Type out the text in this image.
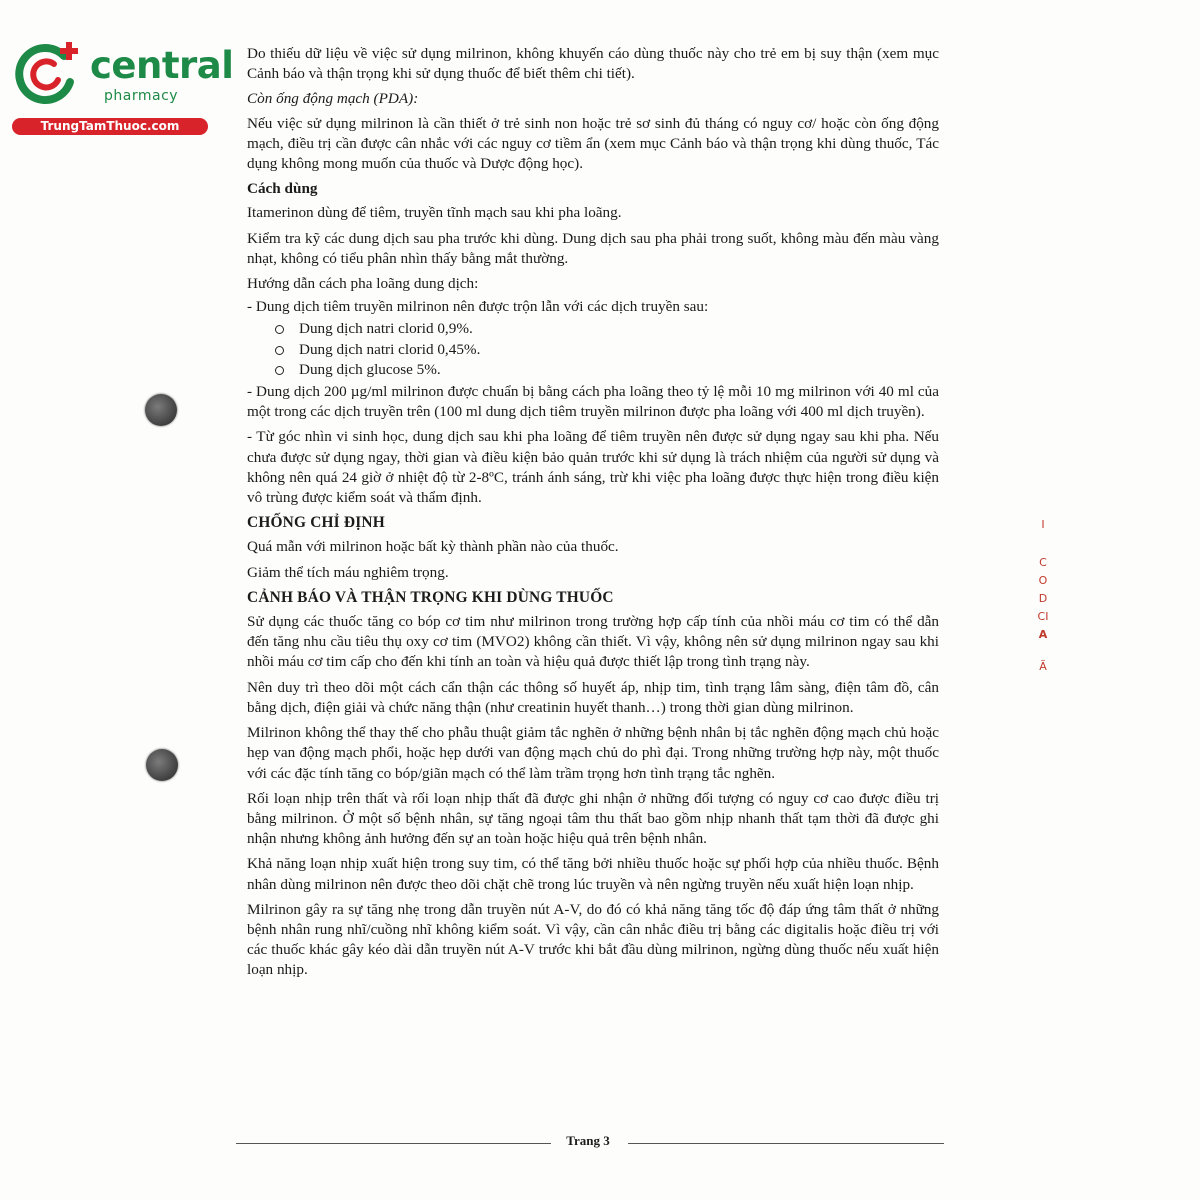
central
pharmacy
TrungTamThuoc.com
I
C
O
D
CI
A
Ã

Do thiếu dữ liệu về việc sử dụng milrinon, không khuyến cáo dùng thuốc này cho trẻ em bị suy thận (xem mục Cảnh báo và thận trọng khi sử dụng thuốc để biết thêm chi tiết).

Còn ống động mạch (PDA):

Nếu việc sử dụng milrinon là cần thiết ở trẻ sinh non hoặc trẻ sơ sinh đủ tháng có nguy cơ/ hoặc còn ống động mạch, điều trị cần được cân nhắc với các nguy cơ tiềm ẩn (xem mục Cảnh báo và thận trọng khi dùng thuốc, Tác dụng không mong muốn của thuốc và Dược động học).

Cách dùng

Itamerinon dùng để tiêm, truyền tĩnh mạch sau khi pha loãng.

Kiểm tra kỹ các dung dịch sau pha trước khi dùng. Dung dịch sau pha phải trong suốt, không màu đến màu vàng nhạt, không có tiểu phân nhìn thấy bằng mắt thường.

Hướng dẫn cách pha loãng dung dịch:

- Dung dịch tiêm truyền milrinon nên được trộn lẫn với các dịch truyền sau:

Dung dịch natri clorid 0,9%.
Dung dịch natri clorid 0,45%.
Dung dịch glucose 5%.

- Dung dịch 200 µg/ml milrinon được chuẩn bị bằng cách pha loãng theo tỷ lệ mỗi 10 mg milrinon với 40 ml của một trong các dịch truyền trên (100 ml dung dịch tiêm truyền milrinon được pha loãng với 400 ml dịch truyền).

- Từ góc nhìn vi sinh học, dung dịch sau khi pha loãng để tiêm truyền nên được sử dụng ngay sau khi pha. Nếu chưa được sử dụng ngay, thời gian và điều kiện bảo quản trước khi sử dụng là trách nhiệm của người sử dụng và không nên quá 24 giờ ở nhiệt độ từ 2-8ºC, tránh ánh sáng, trừ khi việc pha loãng được thực hiện trong điều kiện vô trùng được kiểm soát và thẩm định.

CHỐNG CHỈ ĐỊNH

Quá mẫn với milrinon hoặc bất kỳ thành phần nào của thuốc.

Giảm thể tích máu nghiêm trọng.

CẢNH BÁO VÀ THẬN TRỌNG KHI DÙNG THUỐC

Sử dụng các thuốc tăng co bóp cơ tim như milrinon trong trường hợp cấp tính của nhồi máu cơ tim có thể dẫn đến tăng nhu cầu tiêu thụ oxy cơ tim (MVO2) không cần thiết. Vì vậy, không nên sử dụng milrinon ngay sau khi nhồi máu cơ tim cấp cho đến khi tính an toàn và hiệu quả được thiết lập trong tình trạng này.

Nên duy trì theo dõi một cách cẩn thận các thông số huyết áp, nhịp tim, tình trạng lâm sàng, điện tâm đồ, cân bằng dịch, điện giải và chức năng thận (như creatinin huyết thanh…) trong thời gian dùng milrinon.

Milrinon không thể thay thế cho phẫu thuật giảm tắc nghẽn ở những bệnh nhân bị tắc nghẽn động mạch chủ hoặc hẹp van động mạch phổi, hoặc hẹp dưới van động mạch chủ do phì đại. Trong những trường hợp này, một thuốc với các đặc tính tăng co bóp/giãn mạch có thể làm trầm trọng hơn tình trạng tắc nghẽn.

Rối loạn nhịp trên thất và rối loạn nhịp thất đã được ghi nhận ở những đối tượng có nguy cơ cao được điều trị bằng milrinon. Ở một số bệnh nhân, sự tăng ngoại tâm thu thất bao gồm nhịp nhanh thất tạm thời đã được ghi nhận nhưng không ảnh hưởng đến sự an toàn hoặc hiệu quả trên bệnh nhân.

Khả năng loạn nhịp xuất hiện trong suy tim, có thể tăng bởi nhiều thuốc hoặc sự phối hợp của nhiều thuốc. Bệnh nhân dùng milrinon nên được theo dõi chặt chẽ trong lúc truyền và nên ngừng truyền nếu xuất hiện loạn nhịp.

Milrinon gây ra sự tăng nhẹ trong dẫn truyền nút A-V, do đó có khả năng tăng tốc độ đáp ứng tâm thất ở những bệnh nhân rung nhĩ/cuồng nhĩ không kiểm soát. Vì vậy, cần cân nhắc điều trị bằng các digitalis hoặc điều trị với các thuốc khác gây kéo dài dẫn truyền nút A-V trước khi bắt đầu dùng milrinon, ngừng dùng thuốc nếu xuất hiện loạn nhịp.

Trang 3
